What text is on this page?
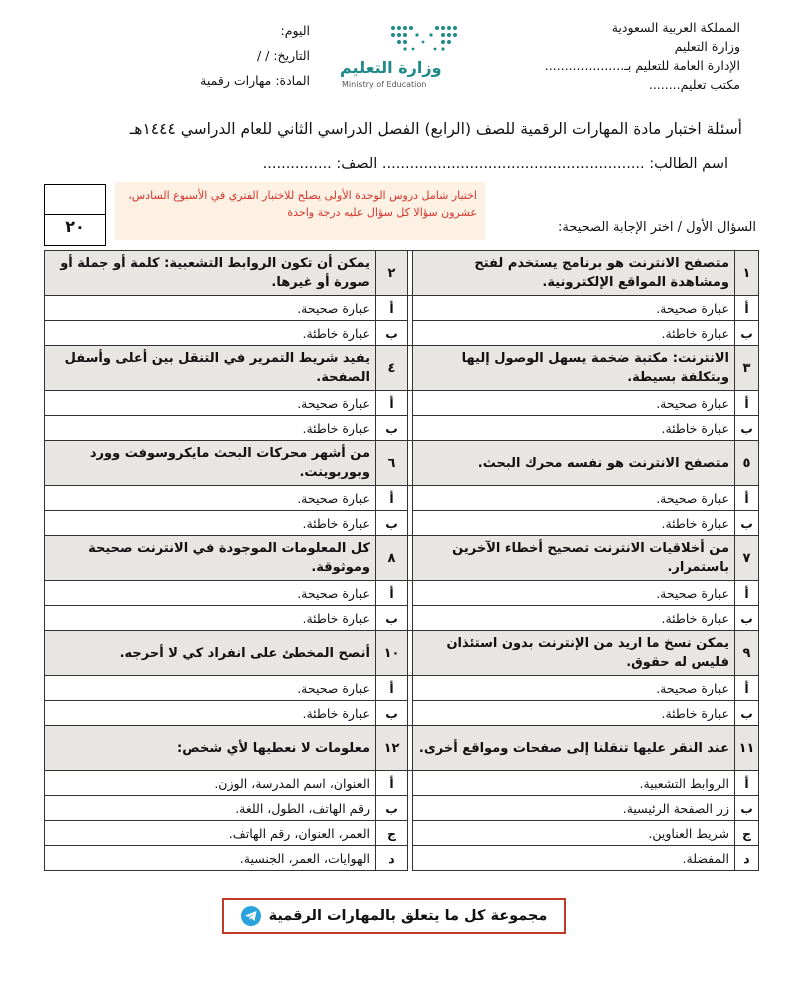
المملكة العربية السعودية
وزارة التعليم
الإدارة العامة للتعليم بـ....................
مكتب تعليم........
وزارة التعليم
Ministry of Education
اليوم:
التاريخ: / /
المادة: مهارات رقمية
أسئلة اختبار مادة المهارات الرقمية للصف (الرابع) الفصل الدراسي الثاني للعام الدراسي ١٤٤٤هـ
اسم الطالب: ......................................................... الصف: ...............
اختبار شامل دروس الوحدة الأولى يصلح للاختبار الفتري في الأسبوع السادس، عشرون سؤالا كل سؤال عليه درجة واحدة
٢٠	السؤال الأول / اختر الإجابة الصحيحة:
١	متصفح الانترنت هو برنامج يستخدم لفتح ومشاهدة المواقع الإلكترونية.		٢	يمكن أن تكون الروابط التشعبية: كلمة أو جملة أو صورة أو غيرها.
أ	عبارة صحيحة.		أ	عبارة صحيحة.
ب	عبارة خاطئة.		ب	عبارة خاطئة.
٣	الانترنت: مكتبة ضخمة يسهل الوصول إليها وبتكلفة بسيطة.		٤	يفيد شريط التمرير في التنقل بين أعلى وأسفل الصفحة.
أ	عبارة صحيحة.		أ	عبارة صحيحة.
ب	عبارة خاطئة.		ب	عبارة خاطئة.
٥	متصفح الانترنت هو نفسه محرك البحث.		٦	من أشهر محركات البحث مايكروسوفت وورد وبوربوينت.
أ	عبارة صحيحة.		أ	عبارة صحيحة.
ب	عبارة خاطئة.		ب	عبارة خاطئة.
٧	من أخلاقيات الانترنت تصحيح أخطاء الآخرين باستمرار.		٨	كل المعلومات الموجودة في الانترنت صحيحة وموثوقة.
أ	عبارة صحيحة.		أ	عبارة صحيحة.
ب	عبارة خاطئة.		ب	عبارة خاطئة.
٩	يمكن نسخ ما اريد من الإنترنت بدون استئذان فليس له حقوق.		١٠	أنصح المخطئ على انفراد كي لا أحرجه.
أ	عبارة صحيحة.		أ	عبارة صحيحة.
ب	عبارة خاطئة.		ب	عبارة خاطئة.
١١	عند النقر عليها تنقلنا إلى صفحات ومواقع أخرى.		١٢	معلومات لا نعطيها لأي شخص:
أ	الروابط التشعبية.		أ	العنوان، اسم المدرسة، الوزن.
ب	زر الصفحة الرئيسية.		ب	رقم الهاتف، الطول، اللغة.
ج	شريط العناوين.		ج	العمر، العنوان، رقم الهاتف.
د	المفضلة.		د	الهوايات، العمر، الجنسية.
مجموعة كل ما يتعلق بالمهارات الرقمية
